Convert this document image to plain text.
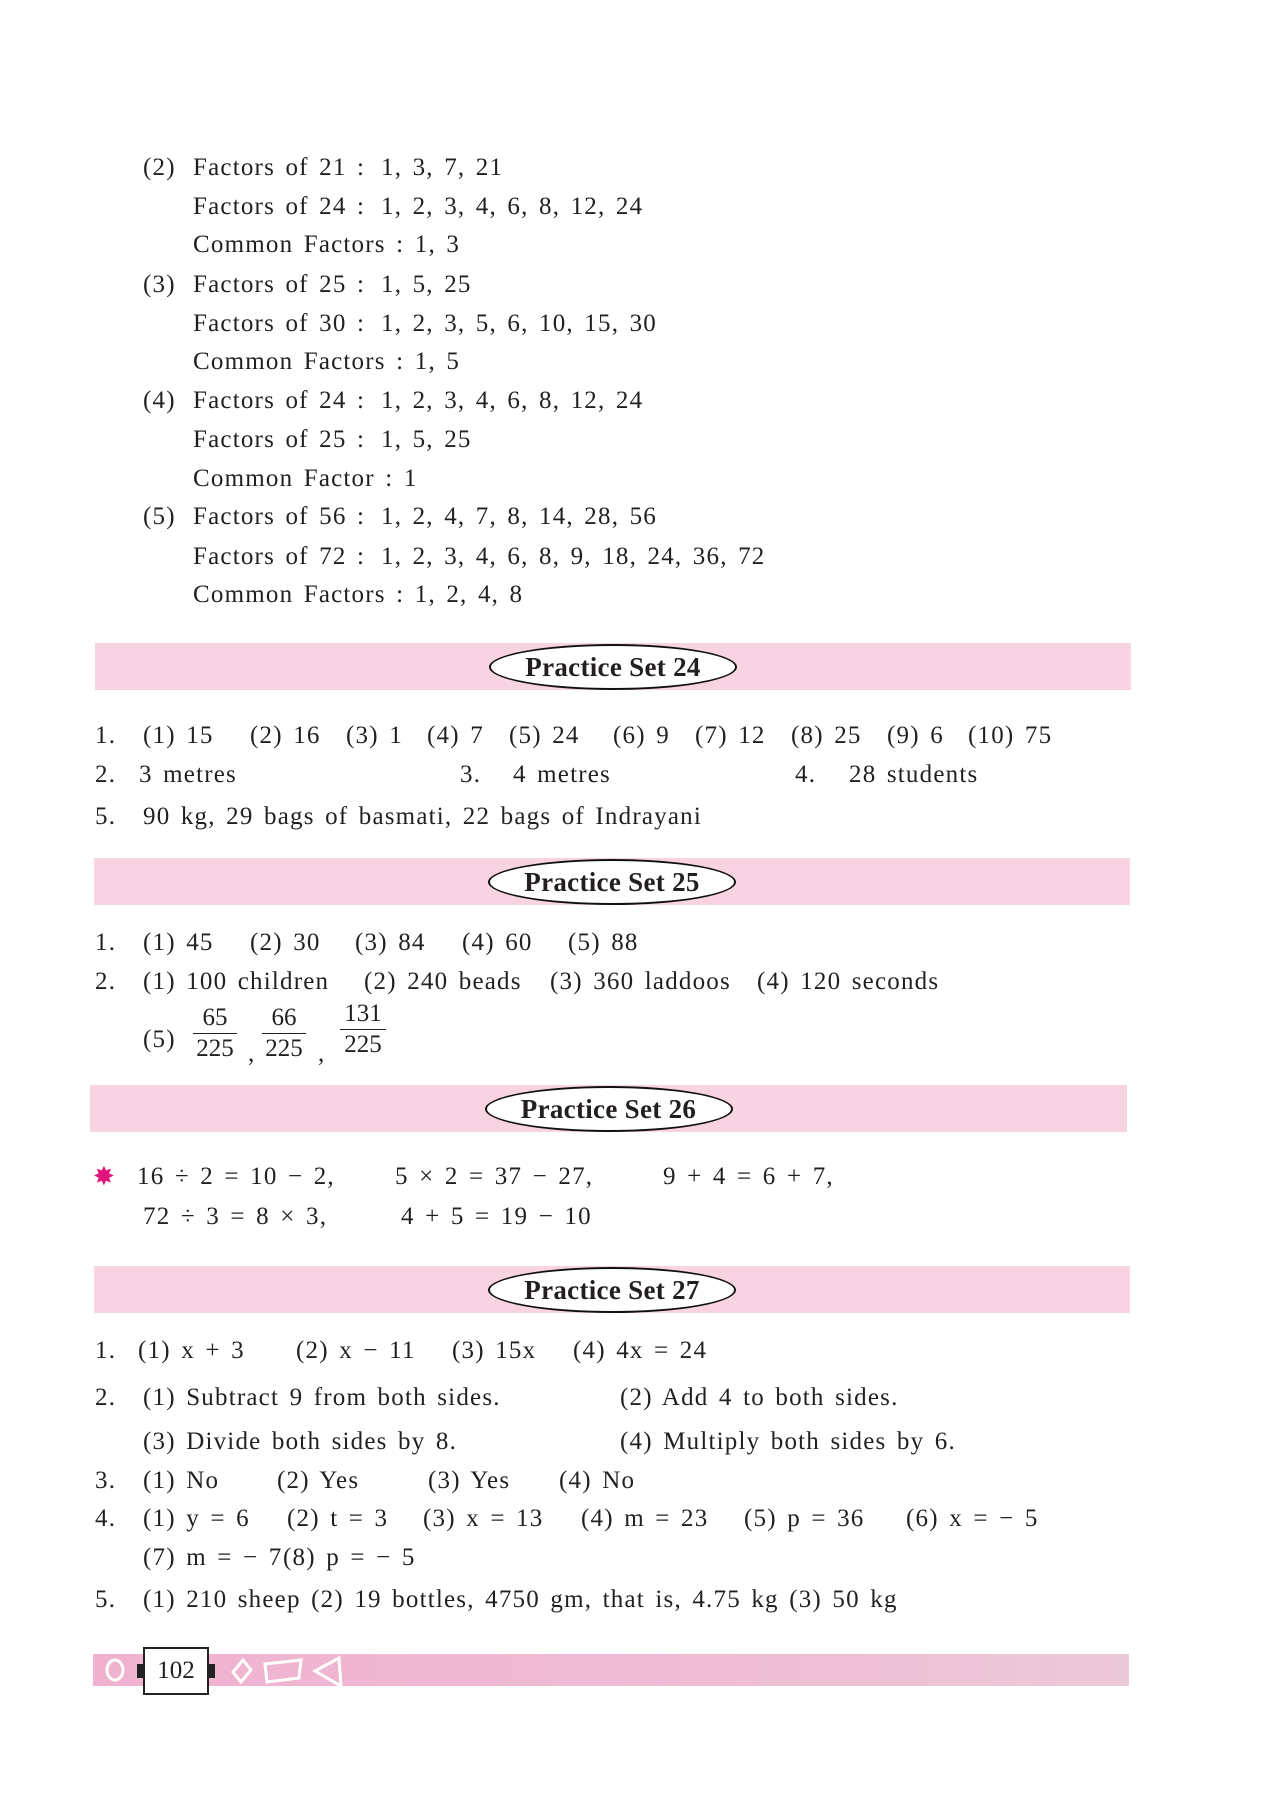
(2) Factors of 21 : 1, 3, 7, 21
Factors of 24 : 1, 2, 3, 4, 6, 8, 12, 24
Common Factors : 1, 3
(3) Factors of 25 : 1, 5, 25
Factors of 30 : 1, 2, 3, 5, 6, 10, 15, 30
Common Factors : 1, 5
(4) Factors of 24 : 1, 2, 3, 4, 6, 8, 12, 24
Factors of 25 : 1, 5, 25
Common Factor : 1
(5) Factors of 56 : 1, 2, 4, 7, 8, 14, 28, 56
Factors of 72 : 1, 2, 3, 4, 6, 8, 9, 18, 24, 36, 72
Common Factors : 1, 2, 4, 8
Practice Set 24
1. (1) 15 (2) 16 (3) 1 (4) 7 (5) 24 (6) 9 (7) 12 (8) 25 (9) 6 (10) 75
2. 3 metres	3. 4 metres	4. 28 students
5. 90 kg, 29 bags of basmati, 22 bags of Indrayani
Practice Set 25
1. (1) 45 (2) 30 (3) 84 (4) 60 (5) 88
2. (1) 100 children (2) 240 beads (3) 360 laddoos (4) 120 seconds
$(5) \frac{65}{225}$ , $\frac{66}{225}$ , $\frac{131}{225}$
Practice Set 26
✸ 16 ÷ 2 = 10 − 2, 5 × 2 = 37 − 27,	9 + 4 = 6 + 7,
72 ÷ 3 = 8 × 3,	4 + 5 = 19 − 10
Practice Set 27
1. (1) x + 3 (2) x − 11 (3) 15x (4) 4x = 24
2. (1) Subtract 9 from both sides.	(2) Add 4 to both sides.
(3) Divide both sides by 8.	(4) Multiply both sides by 6.
3. (1) No (2) Yes	(3) Yes (4) No
4. (1) y = 6 (2) t = 3 (3) x = 13 (4) m = 23 (5) p = 36 (6) x = − 5
(7) m = − 7 (8) p = − 5
5. (1) 210 sheep (2) 19 bottles, 4750 gm, that is, 4.75 kg (3) 50 kg
102
